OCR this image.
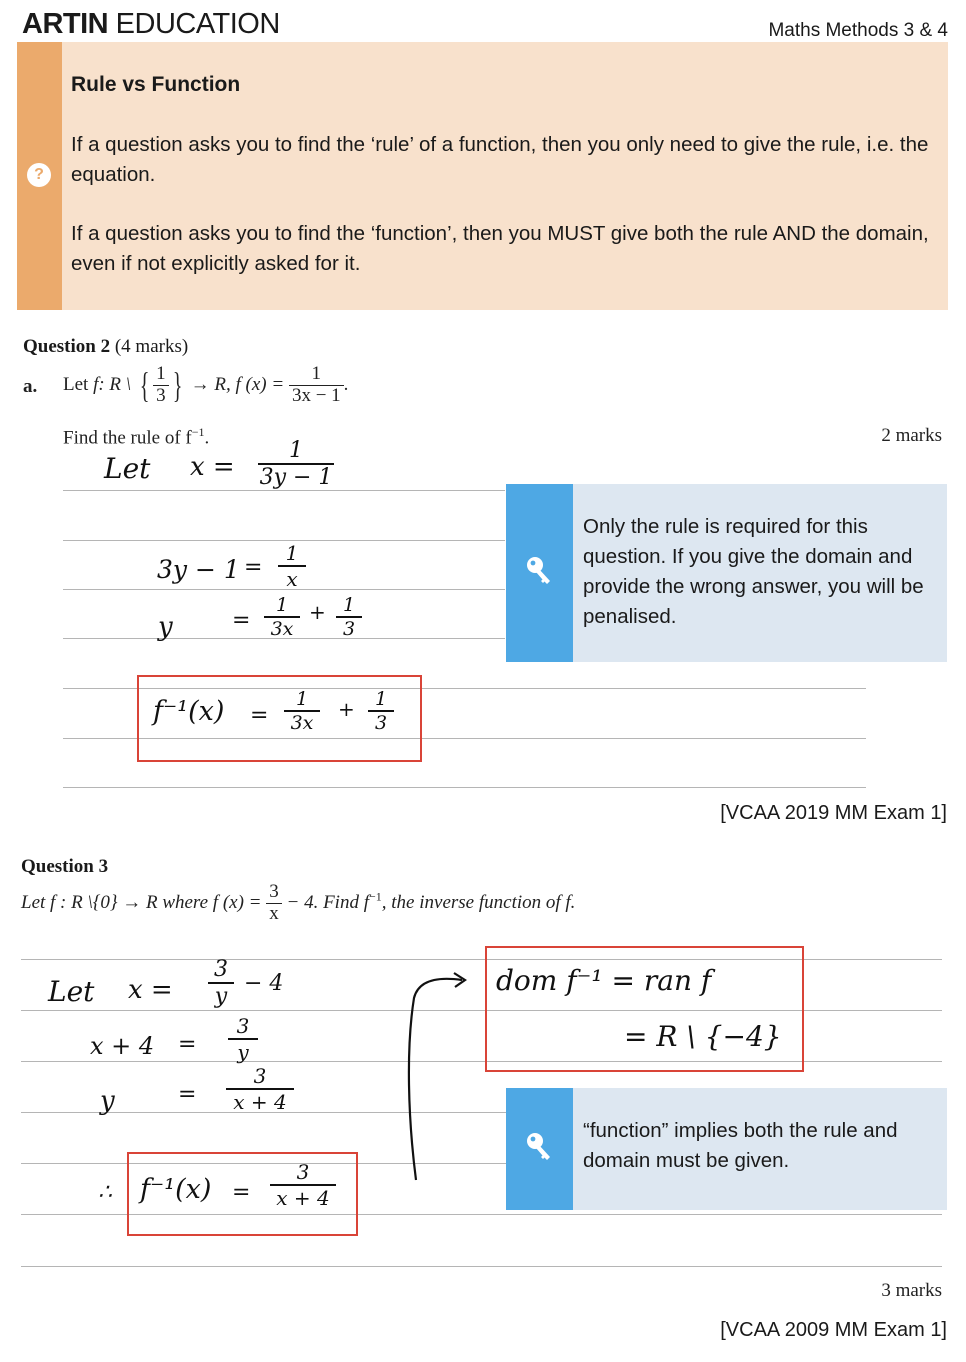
ARTIN EDUCATION	Maths Methods 3 & 4
?
Rule vs Function
If a question asks you to find the ‘rule’ of a function, then you only need to give the rule, i.e. the equation.
If a question asks you to find the ‘function’, then you MUST give both the rule AND the domain, even if not explicitly asked for it.
Question 2 (4 marks)
a. Let f: R \ { $\frac{1}{3}$ } → R, f $(x) = \frac{1}{3x - 1}$ .
Find the rule of $f^{-1}$.	2 marks
Let x =
1
3y − 1
3y − 1 =
1
x
y	=
1
3x
+ 1
3
f⁻¹(x) =
1
3x
+	1
3
Only the rule is required for this question. If you give the domain and provide the wrong answer, you will be penalised.
[VCAA 2019 MM Exam 1]
Question 3
Let f : R \{0} → R where f $(x) = \frac{3}{x} - 4$. Find $f^{-1}$, the inverse function of f.
Let x =
3
y
− 4
x + 4 =
3
y
y	=
3
x + 4
∴ f⁻¹(x) =
3
x + 4
dom f⁻¹ = ran f
= R \ {−4}
“function” implies both the rule and domain must be given.
3 marks
[VCAA 2009 MM Exam 1]
